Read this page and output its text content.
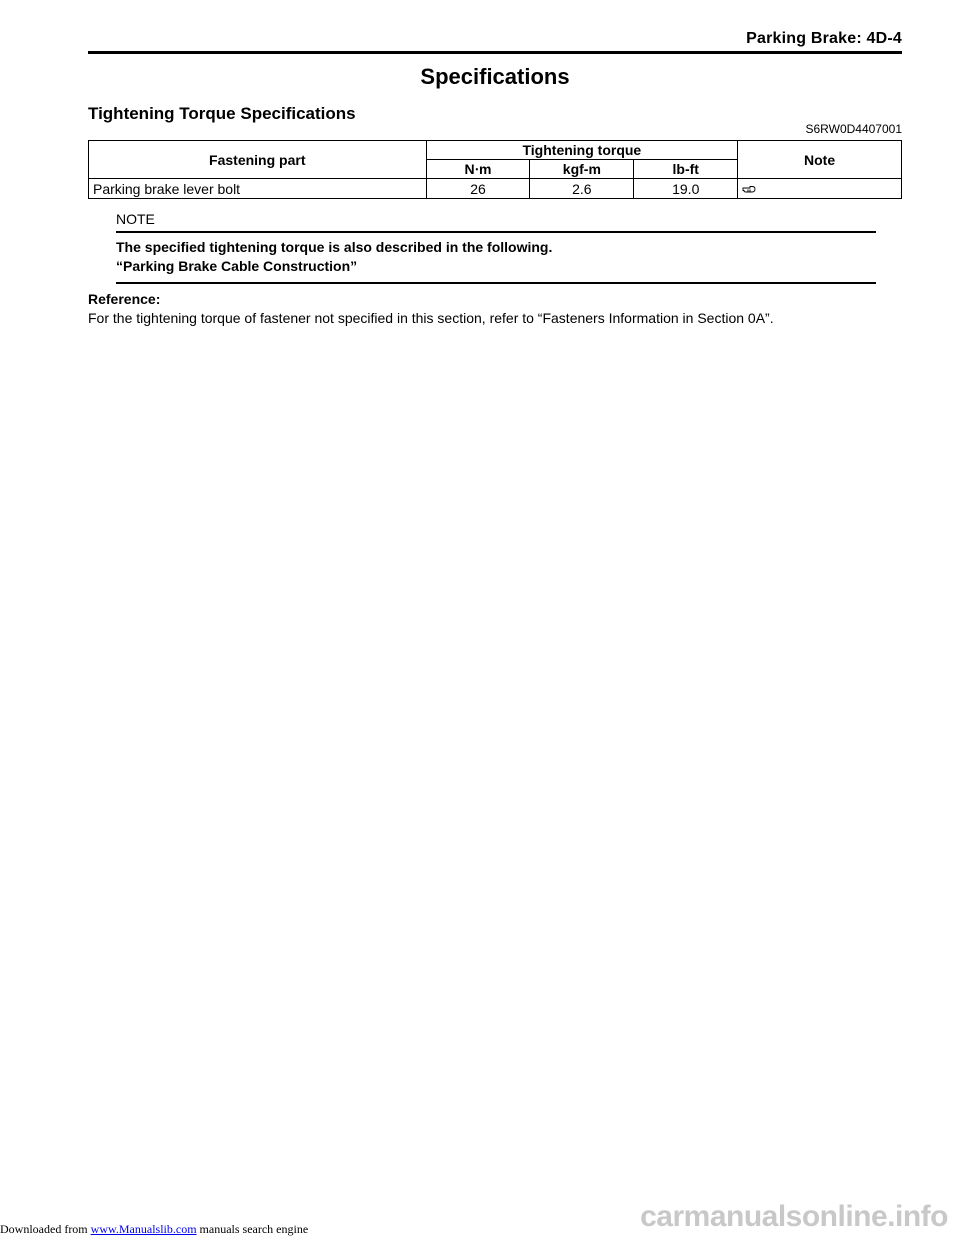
Parking Brake: 4D-4
Specifications
Tightening Torque Specifications
S6RW0D4407001
Fastening part	Tightening torque			Note
	N⋅m	kgf-m	lb-ft	
Parking brake lever bolt	26	2.6	19.0	
NOTE
The specified tightening torque is also described in the following.
“Parking Brake Cable Construction”
Reference:
For the tightening torque of fastener not specified in this section, refer to “Fasteners Information in Section 0A”.
Downloaded from www.Manualslib.com manuals search engine	carmanualsonline.info
